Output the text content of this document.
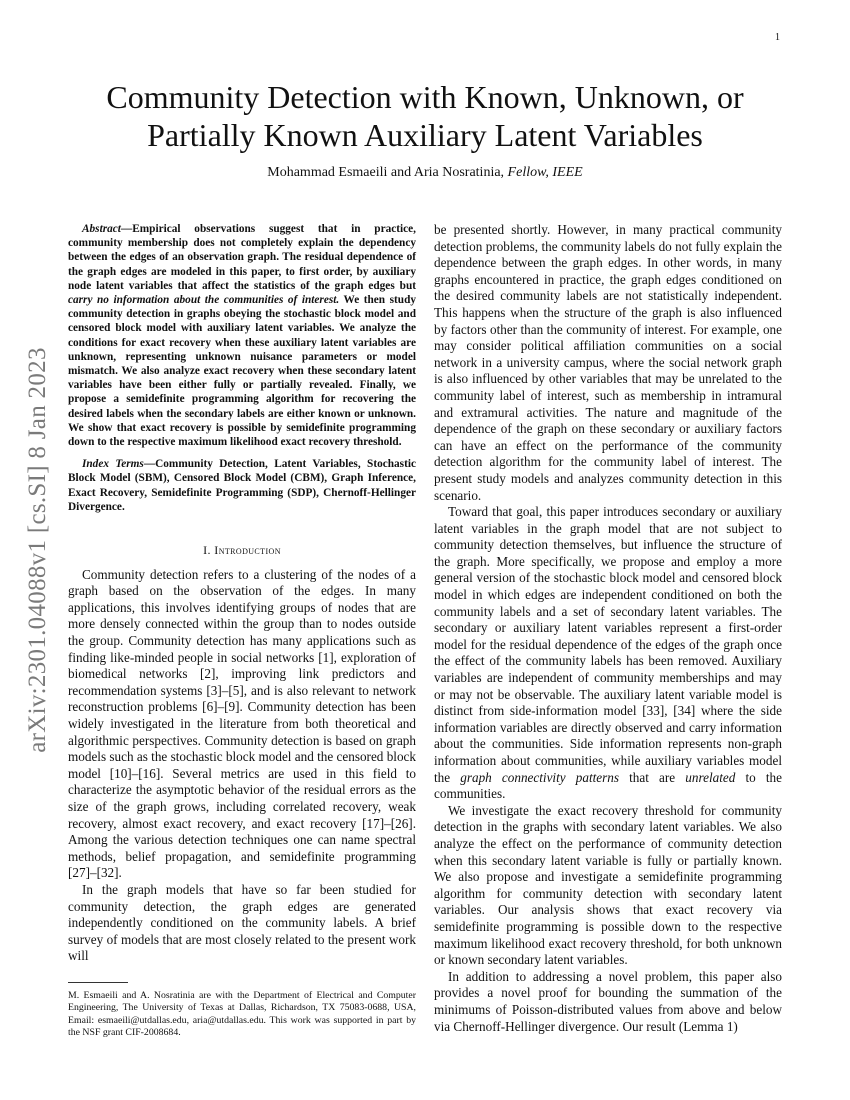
1
arXiv:2301.04088v1 [cs.SI] 8 Jan 2023
Community Detection with Known, Unknown, or
Partially Known Auxiliary Latent Variables
Mohammad Esmaeili and Aria Nosratinia, Fellow, IEEE

Abstract—Empirical observations suggest that in practice, community membership does not completely explain the dependency between the edges of an observation graph. The residual dependence of the graph edges are modeled in this paper, to first order, by auxiliary node latent variables that affect the statistics of the graph edges but carry no information about the communities of interest. We then study community detection in graphs obeying the stochastic block model and censored block model with auxiliary latent variables. We analyze the conditions for exact recovery when these auxiliary latent variables are unknown, representing unknown nuisance parameters or model mismatch. We also analyze exact recovery when these secondary latent variables have been either fully or partially revealed. Finally, we propose a semidefinite programming algorithm for recovering the desired labels when the secondary labels are either known or unknown. We show that exact recovery is possible by semidefinite programming down to the respective maximum likelihood exact recovery threshold.

Index Terms—Community Detection, Latent Variables, Stochastic Block Model (SBM), Censored Block Model (CBM), Graph Inference, Exact Recovery, Semidefinite Programming (SDP), Chernoff-Hellinger Divergence.

I. Introduction

Community detection refers to a clustering of the nodes of a graph based on the observation of the edges. In many applications, this involves identifying groups of nodes that are more densely connected within the group than to nodes outside the group. Community detection has many applications such as finding like-minded people in social networks [1], exploration of biomedical networks [2], improving link predictors and recommendation systems [3]–[5], and is also relevant to network reconstruction problems [6]–[9]. Community detection has been widely investigated in the literature from both theoretical and algorithmic perspectives. Community detection is based on graph models such as the stochastic block model and the censored block model [10]–[16]. Several metrics are used in this field to characterize the asymptotic behavior of the residual errors as the size of the graph grows, including correlated recovery, weak recovery, almost exact recovery, and exact recovery [17]–[26]. Among the various detection techniques one can name spectral methods, belief propagation, and semidefinite programming [27]–[32].

In the graph models that have so far been studied for community detection, the graph edges are generated independently conditioned on the community labels. A brief survey of models that are most closely related to the present work will

M. Esmaeili and A. Nosratinia are with the Department of Electrical and Computer Engineering, The University of Texas at Dallas, Richardson, TX 75083-0688, USA, Email: esmaeili@utdallas.edu, aria@utdallas.edu. This work was supported in part by the NSF grant CIF-2008684.

be presented shortly. However, in many practical community detection problems, the community labels do not fully explain the dependence between the graph edges. In other words, in many graphs encountered in practice, the graph edges conditioned on the desired community labels are not statistically independent. This happens when the structure of the graph is also influenced by factors other than the community of interest. For example, one may consider political affiliation communities on a social network in a university campus, where the social network graph is also influenced by other variables that may be unrelated to the community label of interest, such as membership in intramural and extramural activities. The nature and magnitude of the dependence of the graph on these secondary or auxiliary factors can have an effect on the performance of the community detection algorithm for the community label of interest. The present study models and analyzes community detection in this scenario.

Toward that goal, this paper introduces secondary or auxiliary latent variables in the graph model that are not subject to community detection themselves, but influence the structure of the graph. More specifically, we propose and employ a more general version of the stochastic block model and censored block model in which edges are independent conditioned on both the community labels and a set of secondary latent variables. The secondary or auxiliary latent variables represent a first-order model for the residual dependence of the edges of the graph once the effect of the community labels has been removed. Auxiliary variables are independent of community memberships and may or may not be observable. The auxiliary latent variable model is distinct from side-information model [33], [34] where the side information variables are directly observed and carry information about the communities. Side information represents non-graph information about communities, while auxiliary variables model the graph connectivity patterns that are unrelated to the communities.

We investigate the exact recovery threshold for community detection in the graphs with secondary latent variables. We also analyze the effect on the performance of community detection when this secondary latent variable is fully or partially known. We also propose and investigate a semidefinite programming algorithm for community detection with secondary latent variables. Our analysis shows that exact recovery via semidefinite programming is possible down to the respective maximum likelihood exact recovery threshold, for both unknown or known secondary latent variables.

In addition to addressing a novel problem, this paper also provides a novel proof for bounding the summation of the minimums of Poisson-distributed values from above and below via Chernoff-Hellinger divergence. Our result (Lemma 1)
